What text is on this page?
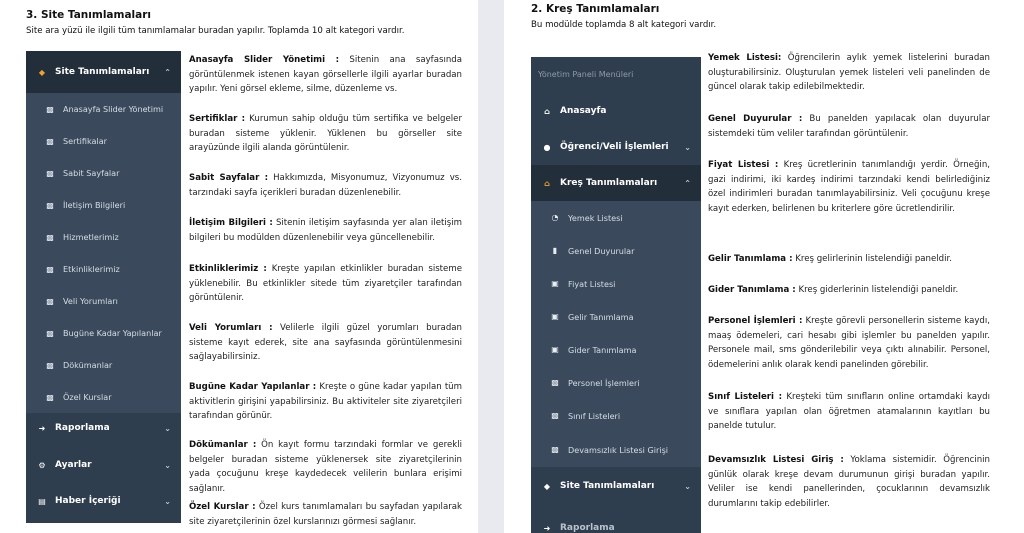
3. Site Tanımlamaları
Site ara yüzü ile ilgili tüm tanımlamalar buradan yapılır. Toplamda 10 alt kategori vardır.
◆	Site Tanımlamaları ⌃
▩	Anasayfa Slider Yönetimi
▩	Sertifikalar
▩	Sabit Sayfalar
▩	İletişim Bilgileri
▩	Hizmetlerimiz
▩	Etkinliklerimiz
▩	Veli Yorumları
▩	Bugüne Kadar Yapılanlar
▩	Dökümanlar
▩	Özel Kurslar
➜	Raporlama	⌄
⚙	Ayarlar	⌄
▤	Haber İçeriği	⌄
Anasayfa Slider Yönetimi : Sitenin ana sayfasında görüntülenmek istenen kayan görsellerle ilgili ayarlar buradan yapılır. Yeni görsel ekleme, silme, düzenleme vs.
Sertifiklar : Kurumun sahip olduğu tüm sertifika ve belgeler buradan sisteme yüklenir. Yüklenen bu görseller site arayüzünde ilgili alanda görüntülenir.
Sabit Sayfalar : Hakkımızda, Misyonumuz, Vizyonumuz vs. tarzındaki sayfa içerikleri buradan düzenlenebilir.
İletişim Bilgileri : Sitenin iletişim sayfasında yer alan iletişim bilgileri bu modülden düzenlenebilir veya güncellenebilir.
Etkinliklerimiz : Kreşte yapılan etkinlikler buradan sisteme yüklenebilir. Bu etkinlikler sitede tüm ziyaretçiler tarafından görüntülenir.
Veli Yorumları : Velilerle ilgili güzel yorumları buradan sisteme kayıt ederek, site ana sayfasında görüntülenmesini sağlayabilirsiniz.
Bugüne Kadar Yapılanlar : Kreşte o güne kadar yapılan tüm aktivitlerin girişini yapabilirsiniz. Bu aktiviteler site ziyaretçileri tarafından görünür.
Dökümanlar : Ön kayıt formu tarzındaki formlar ve gerekli belgeler buradan sisteme yüklenersek site ziyaretçilerinin yada çocuğunu kreşe kaydedecek velilerin bunlara erişimi sağlanır.
Özel Kurslar : Özel kurs tanımlamaları bu sayfadan yapılarak site ziyaretçilerinin özel kurslarınızı görmesi sağlanır.
2. Kreş Tanımlamaları
Bu modülde toplamda 8 alt kategori vardır.
Yönetim Paneli Menüleri
⌂	Anasayfa
●	Öğrenci/Veli İşlemleri ⌄
⌂	Kreş Tanımlamaları	⌃
◔	Yemek Listesi
▮	Genel Duyurular
▣	Fiyat Listesi
▣	Gelir Tanımlama
▣	Gider Tanımlama
▩	Personel İşlemleri
▩	Sınıf Listeleri
▩	Devamsızlık Listesi Girişi
◆	Site Tanımlamaları	⌄
➜	Raporlama
Yemek Listesi: Öğrencilerin aylık yemek listelerini buradan oluşturabilirsiniz. Oluşturulan yemek listeleri veli panelinden de güncel olarak takip edilebilmektedir.
Genel Duyurular : Bu panelden yapılacak olan duyurular sistemdeki tüm veliler tarafından görüntülenir.
Fiyat Listesi : Kreş ücretlerinin tanımlandığı yerdir. Örneğin, gazi indirimi, iki kardeş indirimi tarzındaki kendi belirlediğiniz özel indirimleri buradan tanımlayabilirsiniz. Veli çocuğunu kreşe kayıt ederken, belirlenen bu kriterlere göre ücretlendirilir.
Gelir Tanımlama : Kreş gelirlerinin listelendiği paneldir.
Gider Tanımlama : Kreş giderlerinin listelendiği paneldir.
Personel İşlemleri : Kreşte görevli personellerin sisteme kaydı, maaş ödemeleri, cari hesabı gibi işlemler bu panelden yapılır. Personele mail, sms gönderilebilir veya çıktı alınabilir. Personel, ödemelerini anlık olarak kendi panelinden görebilir.
Sınıf Listeleri : Kreşteki tüm sınıfların online ortamdaki kaydı ve sınıflara yapılan olan öğretmen atamalarının kayıtları bu panelde tutulur.
Devamsızlık Listesi Giriş : Yoklama sistemidir. Öğrencinin günlük olarak kreşe devam durumunun girişi buradan yapılır. Veliler ise kendi panellerinden, çocuklarının devamsızlık durumlarını takip edebilirler.
